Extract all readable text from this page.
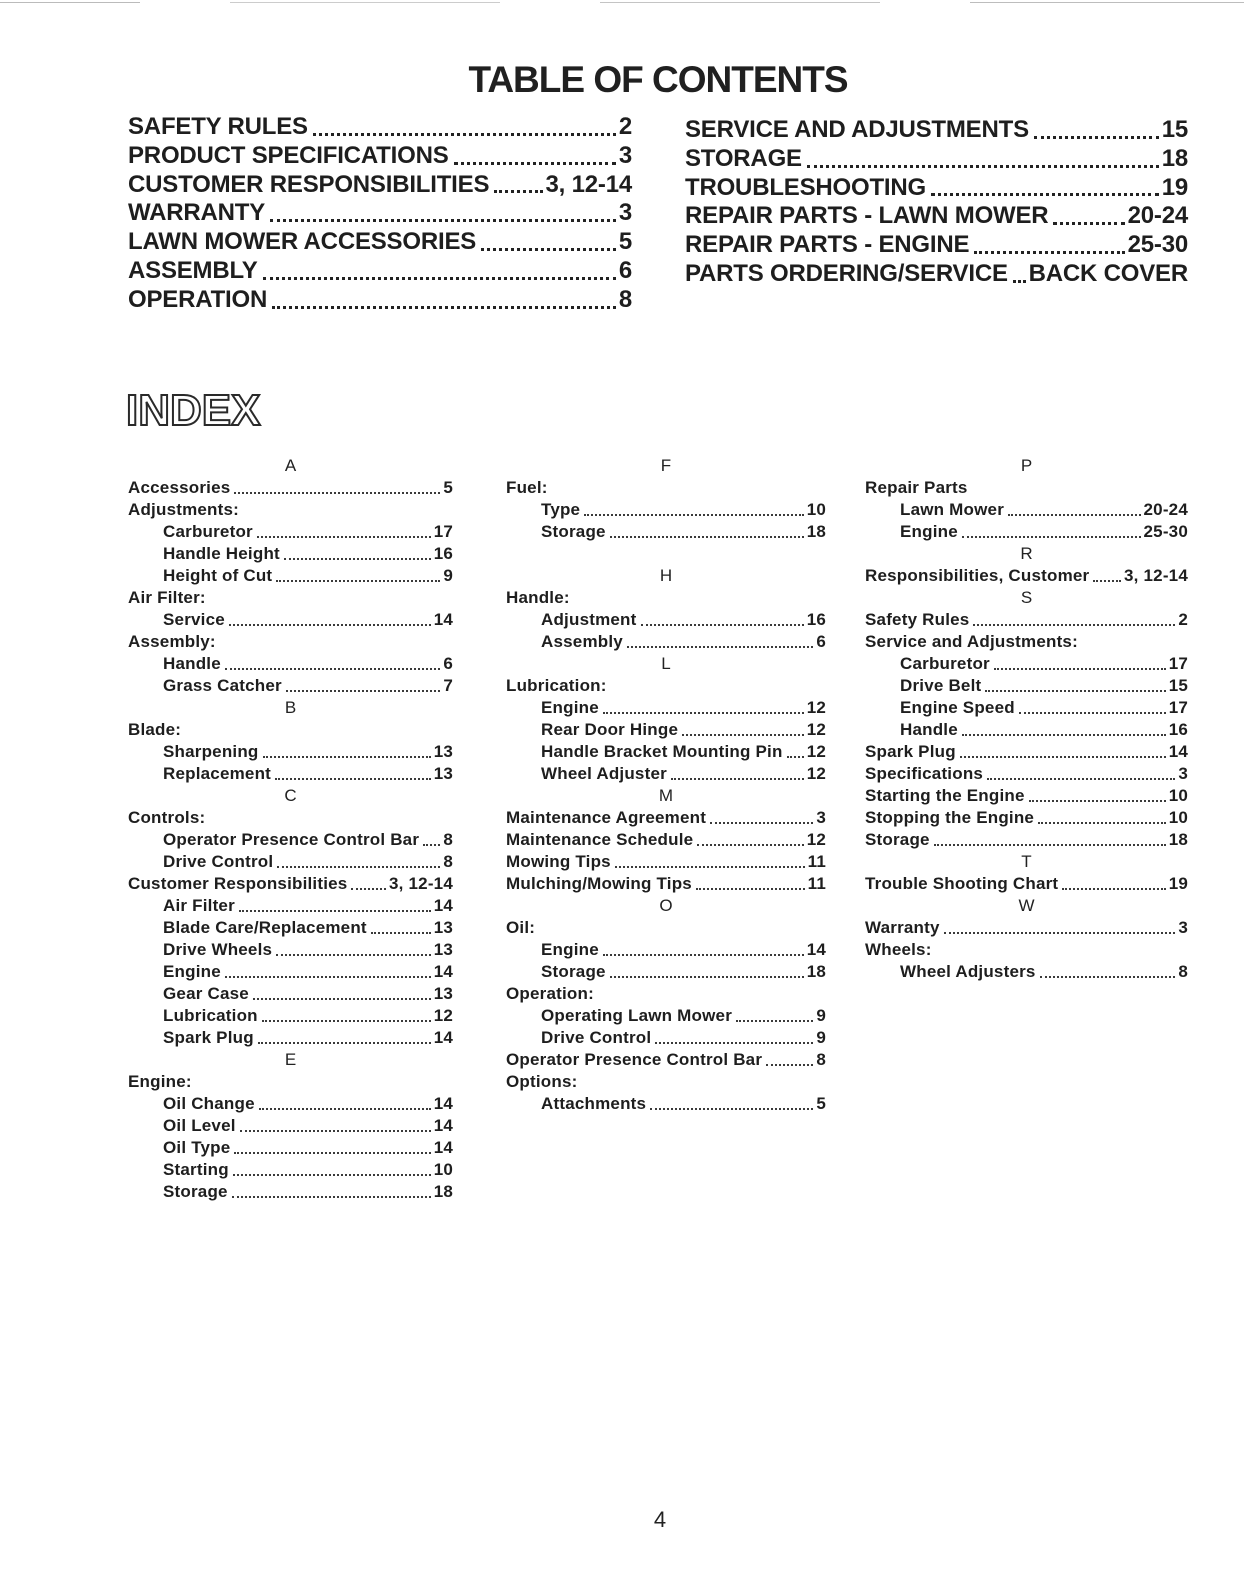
TABLE OF CONTENTS
SAFETY RULES	2
PRODUCT SPECIFICATIONS	3
CUSTOMER RESPONSIBILITIES 3, 12-14
WARRANTY	3
LAWN MOWER ACCESSORIES	5
ASSEMBLY	6
OPERATION	8
SERVICE AND ADJUSTMENTS	15
STORAGE	18
TROUBLESHOOTING	19
REPAIR PARTS - LAWN MOWER	20-24
REPAIR PARTS - ENGINE	25-30
PARTS ORDERING/SERVICE BACK COVER
INDEX
A
Accessories	5
Adjustments:
Carburetor	17
Handle Height	16
Height of Cut	9
Air Filter:
Service	14
Assembly:
Handle	6
Grass Catcher	7
B
Blade:
Sharpening	13
Replacement	13
C
Controls:
Operator Presence Control Bar 8
Drive Control	8
Customer Responsibilities 3, 12-14
Air Filter	14
Blade Care/Replacement	13
Drive Wheels	13
Engine	14
Gear Case	13
Lubrication	12
Spark Plug	14
E
Engine:
Oil Change	14
Oil Level	14
Oil Type	14
Starting	10
Storage	18
F
Fuel:
Type	10
Storage	18
H
Handle:
Adjustment	16
Assembly	6
L
Lubrication:
Engine	12
Rear Door Hinge	12
Handle Bracket Mounting Pin 12
Wheel Adjuster	12
M
Maintenance Agreement	3
Maintenance Schedule	12
Mowing Tips	11
Mulching/Mowing Tips	11
O
Oil:
Engine	14
Storage	18
Operation:
Operating Lawn Mower	9
Drive Control	9
Operator Presence Control Bar	8
Options:
Attachments	5
P
Repair Parts
Lawn Mower	20-24
Engine	25-30
R
Responsibilities, Customer 3, 12-14
S
Safety Rules	2
Service and Adjustments:
Carburetor	17
Drive Belt	15
Engine Speed	17
Handle	16
Spark Plug	14
Specifications	3
Starting the Engine	10
Stopping the Engine	10
Storage	18
T
Trouble Shooting Chart	19
W
Warranty	3
Wheels:
Wheel Adjusters	8
4
